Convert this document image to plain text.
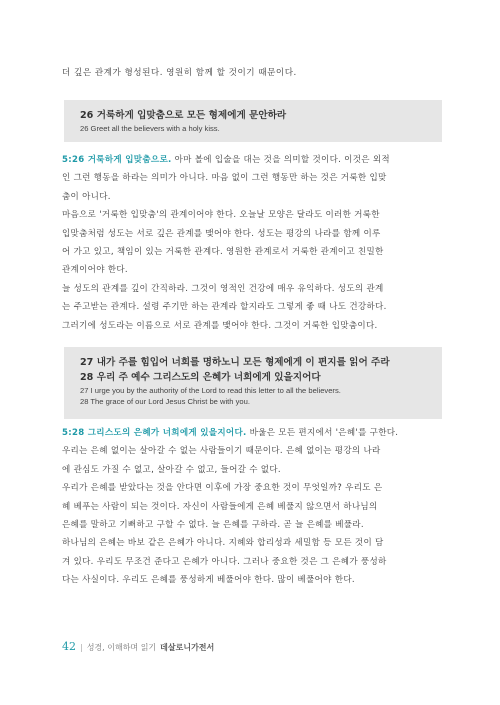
더 깊은 관계가 형성된다. 영원히 함께 할 것이기 때문이다.
26 거룩하게 입맞춤으로 모든 형제에게 문안하라
26 Greet all the believers with a holy kiss.
5:26 거룩하게 입맞춤으로. 아마 볼에 입술을 대는 것을 의미할 것이다. 이것은 외적
인 그런 행동을 하라는 의미가 아니다. 마음 없이 그런 행동만 하는 것은 거룩한 입맞
춤이 아니다.
마음으로 '거룩한 입맞춤'의 관계이어야 한다. 오늘날 모양은 달라도 이러한 거룩한
입맞춤처럼 성도는 서로 깊은 관계를 맺어야 한다. 성도는 평강의 나라를 함께 이루
어 가고 있고, 책임이 있는 거룩한 관계다. 영원한 관계로서 거룩한 관계이고 친밀한
관계이어야 한다.
늘 성도의 관계를 깊이 간직하라. 그것이 영적인 건강에 매우 유익하다. 성도의 관계
는 주고받는 관계다. 설령 주기만 하는 관계라 할지라도 그렇게 좋 때 나도 건강하다.
그러기에 성도라는 이름으로 서로 관계를 맺어야 한다. 그것이 거룩한 입맞춤이다.
27 내가 주를 힘입어 너희를 명하노니 모든 형제에게 이 편지를 읽어 주라
28 우리 주 예수 그리스도의 은혜가 너희에게 있을지어다
27 I urge you by the authority of the Lord to read this letter to all the believers.
28 The grace of our Lord Jesus Christ be with you.
5:28 그리스도의 은혜가 너희에게 있을지어다. 바울은 모든 편지에서 '은혜'를 구한다.
우리는 은혜 없이는 살아갈 수 없는 사람들이기 때문이다. 은혜 없이는 평강의 나라
에 관심도 가질 수 없고, 살아갈 수 없고, 들어갈 수 없다.
우리가 은혜를 받았다는 것을 안다면 이후에 가장 중요한 것이 무엇일까? 우리도 은
혜 베푸는 사람이 되는 것이다. 자신이 사람들에게 은혜 베풀지 않으면서 하나님의
은혜를 말하고 기뻐하고 구할 수 없다. 늘 은혜를 구하라. 곧 늘 은혜를 베풀라.
하나님의 은혜는 바보 같은 은혜가 아니다. 지혜와 합리성과 세밀함 등 모든 것이 담
겨 있다. 우리도 무조건 준다고 은혜가 아니다. 그러나 중요한 것은 그 은혜가 풍성하
다는 사실이다. 우리도 은혜를 풍성하게 베풀어야 한다. 많이 베풀어야 한다.
42 | 성경, 이해하며 읽기 데살로니가전서
